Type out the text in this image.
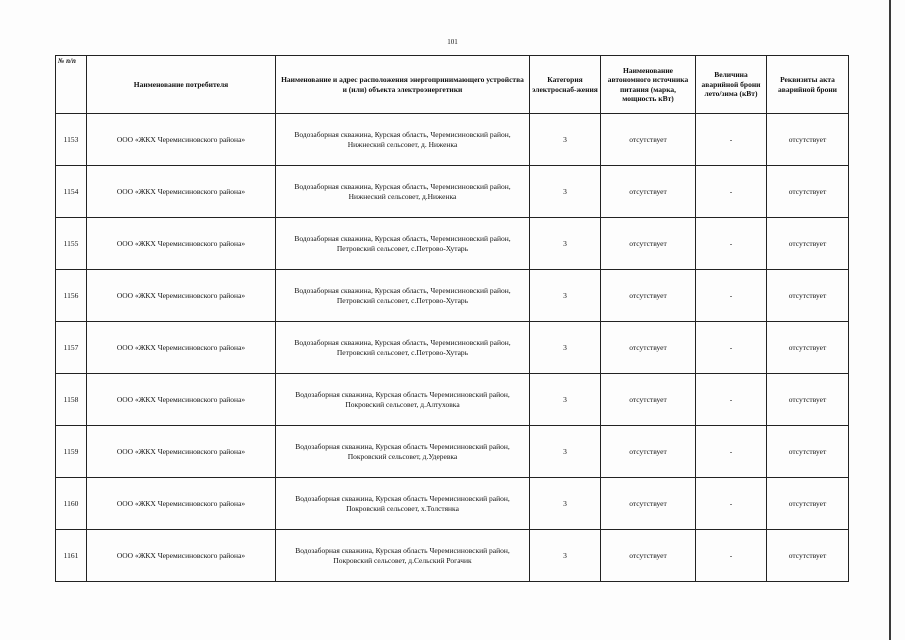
101
№ п/п	Наименование потребителя	Наименование и адрес расположения энергопринимающего устройства и (или) объекта электроэнергетики	Категория электроснаб-жения	Наименование автономного источника питания (марка, мощность кВт)	Величина аварийной брони лето/зима (кВт)	Реквизиты акта аварийной брони
1153	ООО «ЖКХ Черемисиновского района»	Водозаборная скважина, Курская область, Черемисиновский район, Нижнеский сельсовет, д. Ниженка	3	отсутствует	-	отсутствует
1154	ООО «ЖКХ Черемисиновского района»	Водозаборная скважина, Курская область, Черемисиновский район, Нижнеский сельсовет, д.Ниженка	3	отсутствует	-	отсутствует
1155	ООО «ЖКХ Черемисиновского района»	Водозаборная скважина, Курская область, Черемисиновский район, Петровский сельсовет, с.Петрово-Хутарь	3	отсутствует	-	отсутствует
1156	ООО «ЖКХ Черемисиновского района»	Водозаборная скважина, Курская область, Черемисиновский район, Петровский сельсовет, с.Петрово-Хутарь	3	отсутствует	-	отсутствует
1157	ООО «ЖКХ Черемисиновского района»	Водозаборная скважина, Курская область, Черемисиновский район, Петровский сельсовет, с.Петрово-Хутарь	3	отсутствует	-	отсутствует
1158	ООО «ЖКХ Черемисиновского района»	Водозаборная скважина, Курская область Черемисиновский район, Покровский сельсовет, д.Алтуховка	3	отсутствует	-	отсутствует
1159	ООО «ЖКХ Черемисиновского района»	Водозаборная скважина, Курская область Черемисиновский район, Покровский сельсовет, д.Удеревка	3	отсутствует	-	отсутствует
1160	ООО «ЖКХ Черемисиновского района»	Водозаборная скважина, Курская область Черемисиновский район, Покровский сельсовет, х.Толстянка	3	отсутствует	-	отсутствует
1161	ООО «ЖКХ Черемисиновского района»	Водозаборная скважина, Курская область Черемисиновский район, Покровский сельсовет, д.Сельский Рогачик	3	отсутствует	-	отсутствует
